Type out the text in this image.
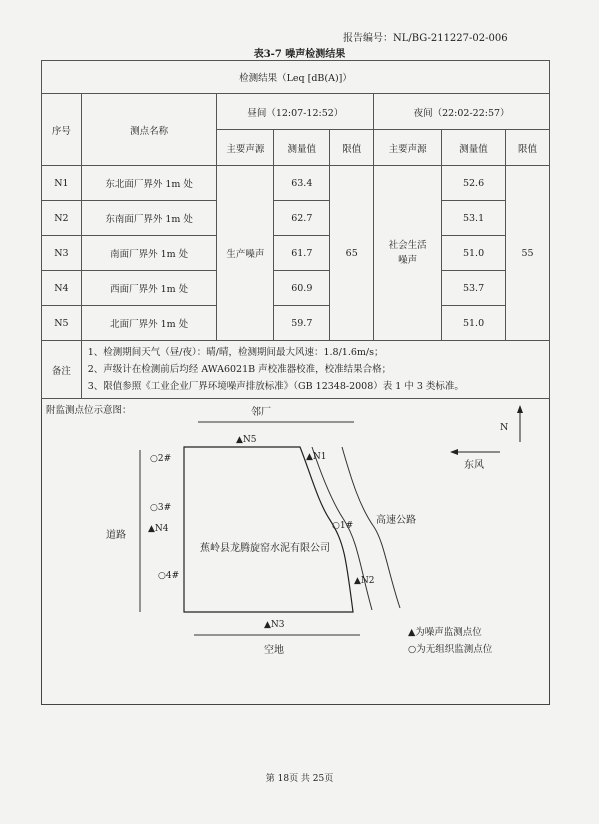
报告编号：NL/BG-211227-02-006
表3-7 噪声检测结果
检测结果（Leq [dB(A)]）							
序号	测点名称	昼间（12:07-12:52）			夜间（22:02-22:57）		
		主要声源	测量值	限值	主要声源	测量值	限值
N1	东北面厂界外 1m 处	生产噪声	63.4	65	社会生活噪声	52.6	55
N2	东南面厂界外 1m 处		62.7			53.1	
N3	南面厂界外 1m 处		61.7			51.0	
N4	西面厂界外 1m 处		60.9			53.7	
N5	北面厂界外 1m 处		59.7			51.0	
备注	1、检测期间天气（昼/夜）：晴/晴，检测期间最大风速：1.8/1.6m/s；
2、声级计在检测前后均经 AWA6021B 声校准器校准，校准结果合格；
3、限值参照《工业企业厂界环境噪声排放标准》（GB 12348-2008）表 1 中 3 类标准。						
附监测点位示意图：
N
东风
邻厂
道路
空地
蕉岭县龙腾旋窑水泥有限公司
高速公路
▲N5
▲N1
▲N4
▲N2
▲N3
○2#
○3#
○4#
○1#
▲为噪声监测点位
○为无组织监测点位
第 18页 共 25页
